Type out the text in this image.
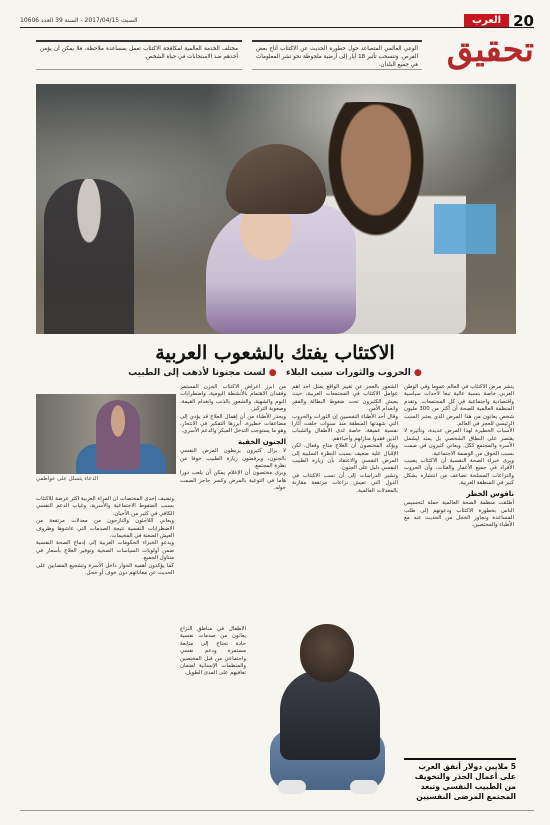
20
العرب
السبت 2017/04/15 - السنة 39 العدد 10606
تحقيق
الوعي العالمي المتصاعد حول خطورة الحديث عن الاكتئاب أتاح بعض الفرص. وتنسحب تأثير 18 أيار إلى أرضية ملحوظة نحو نشر المعلومات في جميع البلدان.
مختلف الخدمة العالمية لمكافحة الاكتئاب تعمل بمساعدة ملاحظة، فلا يمكن أن يؤمن أحدهم ضد الاستجابات في حياة الشخص.
الاكتئاب يفتك بالشعوب العربية
● الحروب والثورات سبب البلاء   ● لست مجنونا لأذهب إلى الطبيب

يتشر مرض الاكتئاب في العالم عموما وفي الوطن العربي خاصة بنسبة عالية تبعا لأحداث سياسية واقتصادية واجتماعية في كل المجتمعات. وتقدم المنظمة العالمية للصحة أن أكثر من 300 مليون شخص يعانون من هذا المرض الذي يعتبر السبب الرئيسي للعجز في العالم.

الأسباب الخطيرة لهذا المرض عديدة، وتأثيره لا يقتصر على النطاق الشخصي بل يمتد ليشمل الأسرة والمجتمع ككل. ويعاني كثيرون في صمت بسبب الخوف من الوصمة الاجتماعية.

ويرى خبراء الصحة النفسية أن الاكتئاب يصيب الأفراد في جميع الأعمار والفئات، وأن الحروب والنزاعات المسلحة تضاعف من انتشاره بشكل كبير في المنطقة العربية.

ناقوس الخطر

أطلقت منظمة الصحة العالمية حملة لتحسيس الناس بخطورة الاكتئاب ودعوتهم إلى طلب المساعدة وتجاوز الخجل من الحديث عنه مع الأطباء والمختصين.

الشعور بالعجز عن تغيير الواقع يمثل أحد أهم عوامل الاكتئاب في المجتمعات العربية، حيث يعيش الكثيرون تحت ضغوط البطالة والفقر وانعدام الأمن.

وقال أحد الأطباء النفسيين إن الثورات والحروب التي شهدتها المنطقة منذ سنوات خلفت آثارا نفسية عميقة، خاصة لدى الأطفال والشباب الذين فقدوا منازلهم وأحباءهم.

ويؤكد المختصون أن العلاج متاح وفعال، لكن الإقبال عليه ضعيف بسبب النظرة السلبية إلى المرض النفسي والاعتقاد بأن زيارة الطبيب النفسي دليل على الجنون.

وتشير الدراسات إلى أن نسب الاكتئاب في الدول التي تعيش نزاعات مرتفعة مقارنة بالمعدلات العالمية.

من أبرز أعراض الاكتئاب الحزن المستمر وفقدان الاهتمام بالأنشطة اليومية، واضطرابات النوم والشهية، والشعور بالذنب وانعدام القيمة، وصعوبة التركيز.

ويحذر الأطباء من أن إهمال العلاج قد يؤدي إلى مضاعفات خطيرة، أبرزها التفكير في الانتحار، وهو ما يستوجب التدخل المبكر والدعم الأسري.

الجنون الخفية

لا يزال كثيرون يربطون المرض النفسي بالجنون، ويرفضون زيارة الطبيب خوفا من نظرة المجتمع.

ويرى مختصون أن الإعلام يمكن أن يلعب دورا هاما في التوعية بالمرض وكسر حاجز الصمت حوله.

الدعاء يتسلل على عواطفي

وتضيف إحدى المختصات أن المرأة العربية أكثر عرضة للاكتئاب بسبب الضغوط الاجتماعية والأسرية، وغياب الدعم النفسي الكافي في كثير من الأحيان.

ويعاني اللاجئون والنازحون من معدلات مرتفعة من الاضطرابات النفسية نتيجة الصدمات التي عاشوها وظروف العيش الصعبة في المخيمات.

ويدعو الخبراء الحكومات العربية إلى إدماج الصحة النفسية ضمن أولويات السياسات الصحية وتوفير العلاج بأسعار في متناول الجميع.

كما يؤكدون أهمية الحوار داخل الأسرة وتشجيع المصابين على الحديث عن معاناتهم دون خوف أو خجل.

الأطفال في مناطق النزاع يعانون من صدمات نفسية حادة تحتاج إلى متابعة مستمرة ودعم نفسي واجتماعي من قبل المختصين والمنظمات الإنسانية لضمان تعافيهم على المدى الطويل.
5 ملايين دولار أنفق العرب على أعمال الحذر والتخويف من الطبيب النفسي وتبعد المجتمع المرضى النفسيين
